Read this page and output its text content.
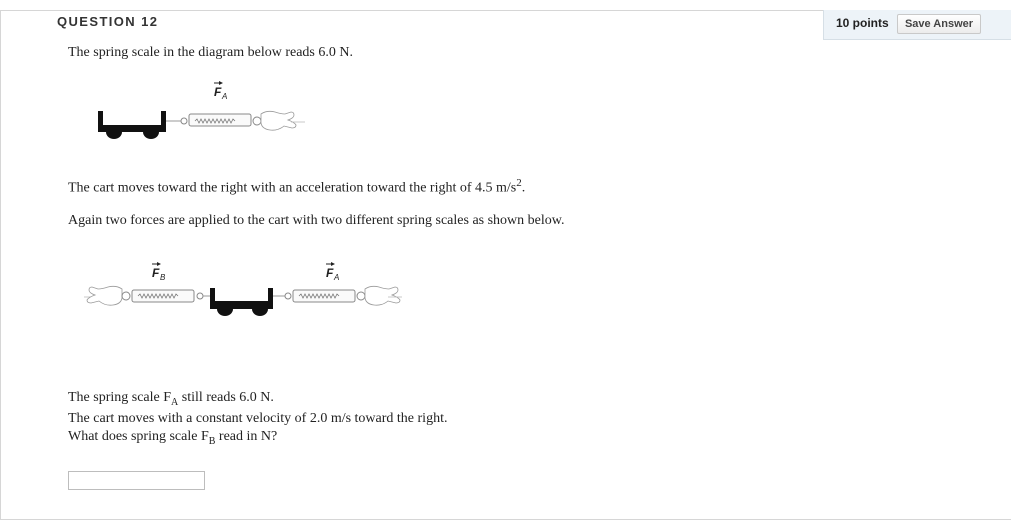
QUESTION 12	10 points	Save Answer
The spring scale in the diagram below reads 6.0 N.
F A
The cart moves toward the right with an acceleration toward the right of 4.5 $m/s^2$.
Again two forces are applied to the cart with two different spring scales as shown below.
F B	F A
The spring scale $F_A$ still reads 6.0 N.
The cart moves with a constant velocity of 2.0 m/s toward the right.
What does spring scale $F_B$ read in N?
